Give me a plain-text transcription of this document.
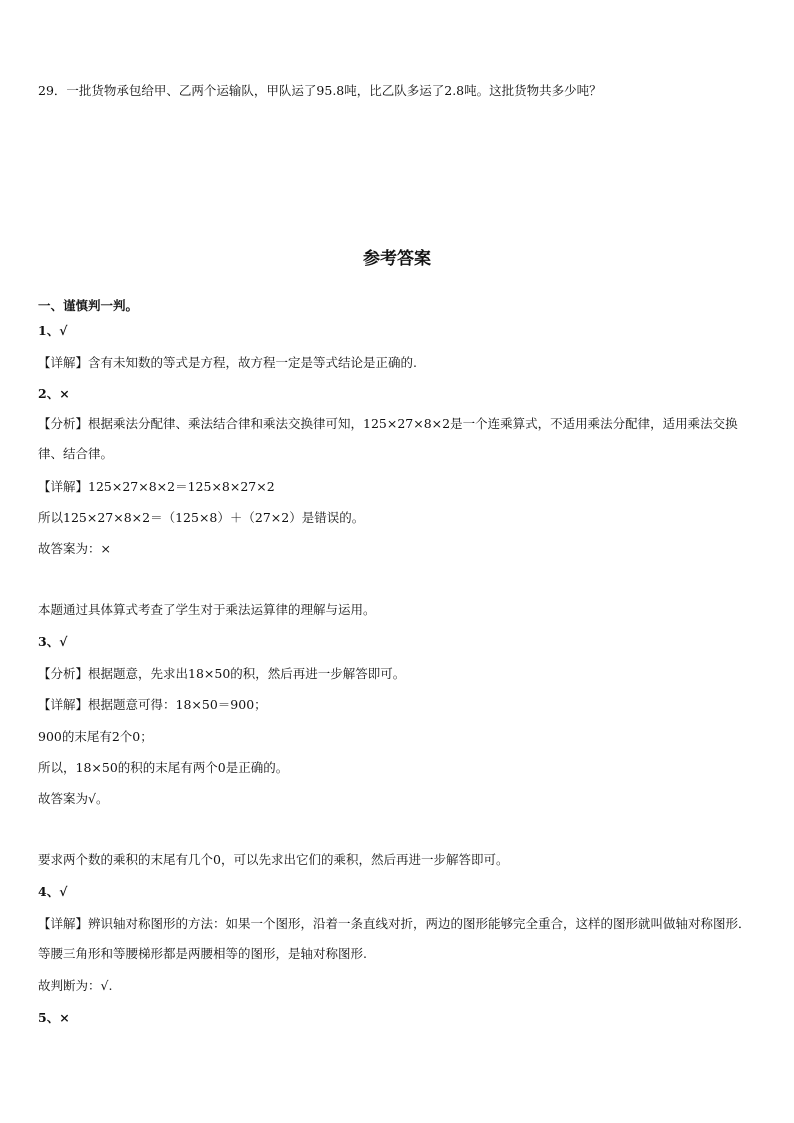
29．一批货物承包给甲、乙两个运输队，甲队运了95.8吨，比乙队多运了2.8吨。这批货物共多少吨？
参考答案
一、谨慎判一判。
1、√
【详解】含有未知数的等式是方程，故方程一定是等式结论是正确的.
2、×
【分析】根据乘法分配律、乘法结合律和乘法交换律可知，125×27×8×2是一个连乘算式，不适用乘法分配律，适用乘法交换律、结合律。
【详解】125×27×8×2＝125×8×27×2
所以125×27×8×2＝（125×8）＋（27×2）是错误的。
故答案为：×
本题通过具体算式考查了学生对于乘法运算律的理解与运用。
3、√
【分析】根据题意，先求出18×50的积，然后再进一步解答即可。
【详解】根据题意可得：18×50＝900；
900的末尾有2个0；
所以，18×50的积的末尾有两个0是正确的。
故答案为√。
要求两个数的乘积的末尾有几个0，可以先求出它们的乘积，然后再进一步解答即可。
4、√
【详解】辨识轴对称图形的方法：如果一个图形，沿着一条直线对折，两边的图形能够完全重合，这样的图形就叫做轴对称图形．等腰三角形和等腰梯形都是两腰相等的图形，是轴对称图形.
故判断为：√.
5、×
